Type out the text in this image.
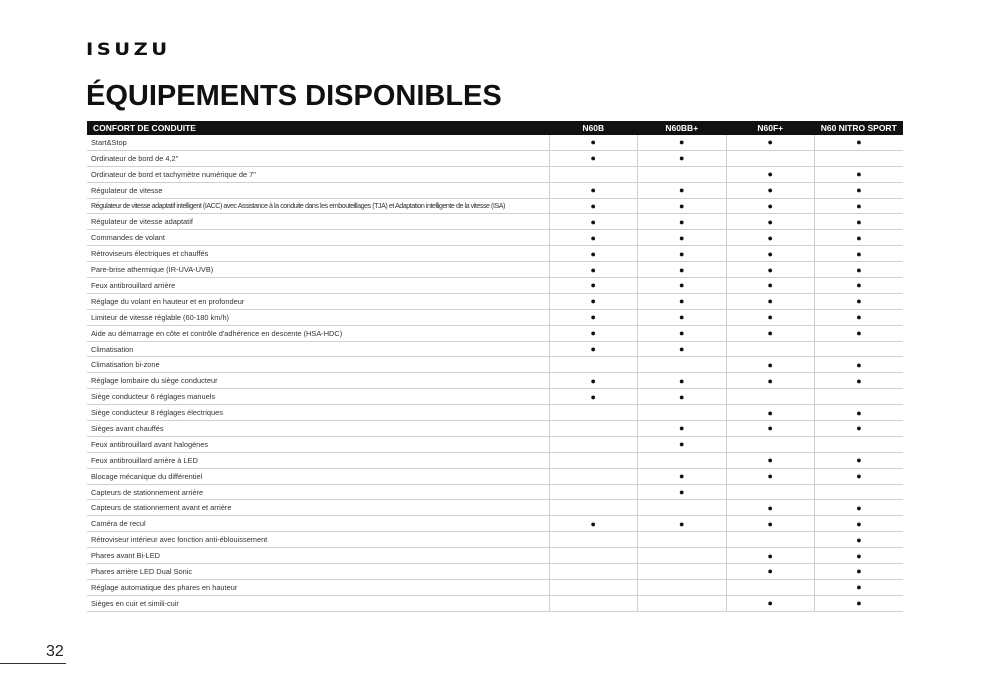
ISUZU
ÉQUIPEMENTS DISPONIBLES
CONFORT DE CONDUITE	N60B	N60BB+	N60F+	N60 NITRO SPORT
Start&Stop	●	●	●	●
Ordinateur de bord de 4,2"	●	●		
Ordinateur de bord et tachymètre numérique de 7"			●	●
Régulateur de vitesse	●	●	●	●
Régulateur de vitesse adaptatif intelligent (IACC) avec Assistance à la conduite dans les embouteillages (TJA) et Adaptation intelligente de la vitesse (ISA)	●	●	●	●
Régulateur de vitesse adaptatif	●	●	●	●
Commandes de volant	●	●	●	●
Rétroviseurs électriques et chauffés	●	●	●	●
Pare-brise athermique (IR-UVA-UVB)	●	●	●	●
Feux antibrouillard arrière	●	●	●	●
Réglage du volant en hauteur et en profondeur	●	●	●	●
Limiteur de vitesse réglable (60-180 km/h)	●	●	●	●
Aide au démarrage en côte et contrôle d'adhérence en descente (HSA-HDC)	●	●	●	●
Climatisation	●	●		
Climatisation bi-zone			●	●
Réglage lombaire du siège conducteur	●	●	●	●
Siège conducteur 6 réglages manuels	●	●		
Siège conducteur 8 réglages électriques			●	●
Sièges avant chauffés		●	●	●
Feux antibrouillard avant halogènes		●		
Feux antibrouillard arrière à LED			●	●
Blocage mécanique du différentiel		●	●	●
Capteurs de stationnement arrière		●		
Capteurs de stationnement avant et arrière			●	●
Caméra de recul	●	●	●	●
Rétroviseur intérieur avec fonction anti-éblouissement				●
Phares avant Bi-LED			●	●
Phares arrière LED Dual Sonic			●	●
Réglage automatique des phares en hauteur				●
Sièges en cuir et simili-cuir			●	●
32
